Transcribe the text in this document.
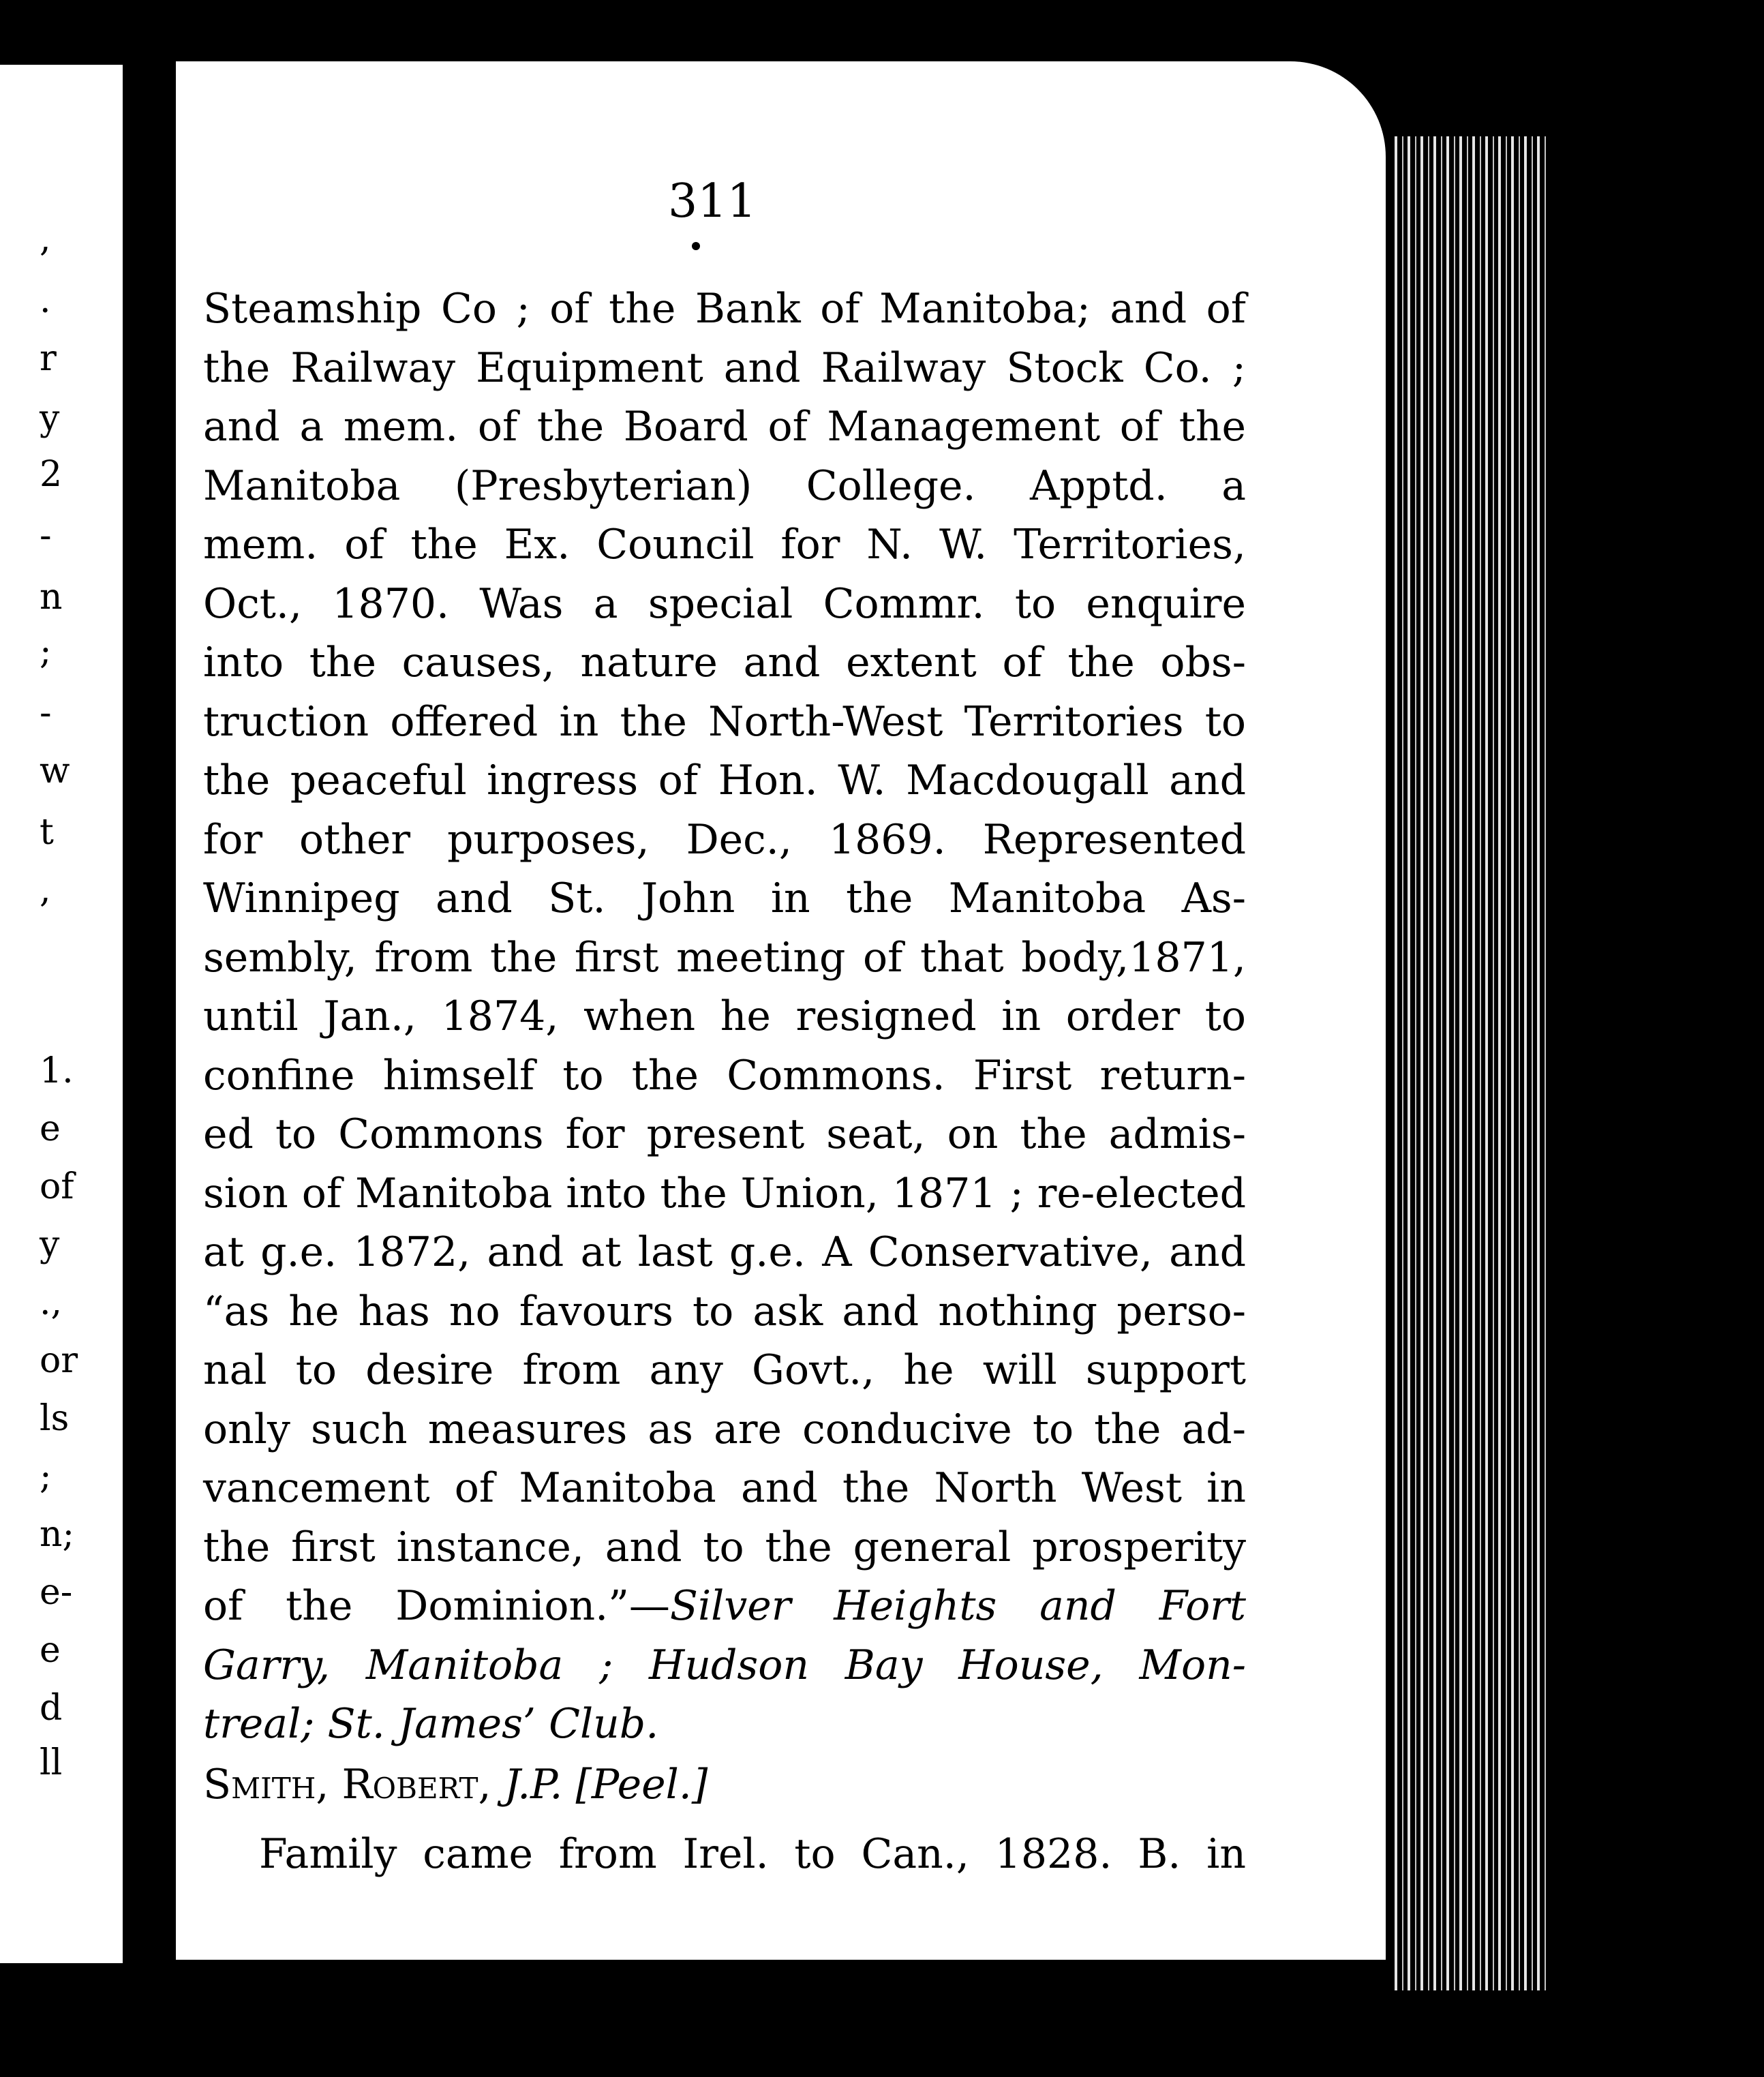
,
.
r
y
2
-
n
;
-
w
t
,
1.
e
of
y
.,
or
ls
;
n;
e-
e
d
ll
311
Steamship Co ; of the Bank of Manitoba; and of
the Railway Equipment and Railway Stock Co. ;
and a mem. of the Board of Management of the
Manitoba (Presbyterian) College. Apptd. a
mem. of the Ex. Council for N. W. Territories,
Oct., 1870. Was a special Commr. to enquire
into the causes, nature and extent of the obs-
truction offered in the North-West Territories to
the peaceful ingress of Hon. W. Macdougall and
for other purposes, Dec., 1869. Represented
Winnipeg and St. John in the Manitoba As-
sembly, from the first meeting of that body,1871,
until Jan., 1874, when he resigned in order to
confine himself to the Commons. First return-
ed to Commons for present seat, on the admis-
sion of Manitoba into the Union, 1871 ; re-elected
at g.e. 1872, and at last g.e. A Conservative, and
“as he has no favours to ask and nothing perso-
nal to desire from any Govt., he will support
only such measures as are conducive to the ad-
vancement of Manitoba and the North West in
the first instance, and to the general prosperity
of the Dominion.”—Silver Heights and Fort
Garry, Manitoba ; Hudson Bay House, Mon-
treal; St. James’ Club.
Smith, Robert, J.P. [Peel.]
Family came from Irel. to Can., 1828. B. in
